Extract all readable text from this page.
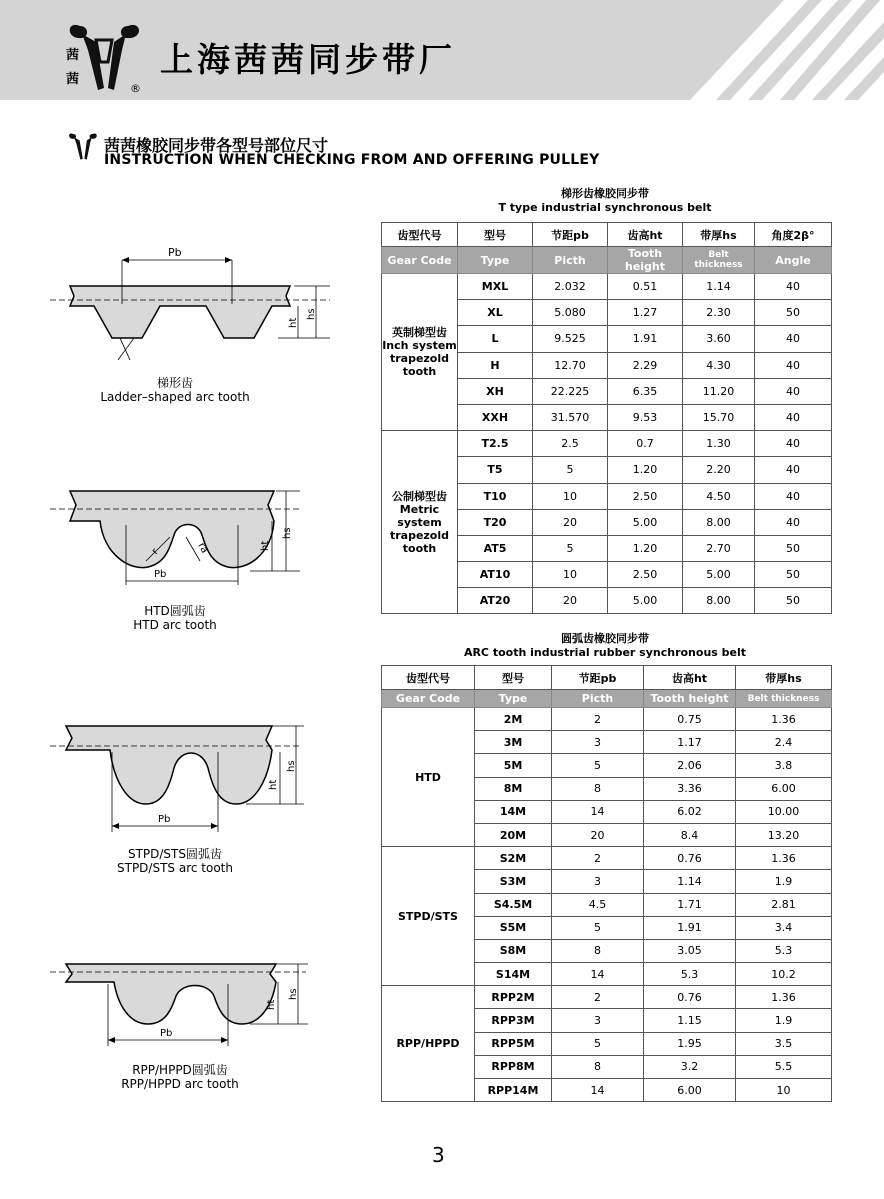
茜
茜
®
上海茜茜同步带厂
茜茜橡胶同步带各型号部位尺寸
INSTRUCTION WHEN CHECKING FROM AND OFFERING PULLEY
Pb
ht
hs
梯形齿
Ladder–shaped arc tooth
Pb
r	ra	ht
hs
HTD圆弧齿
HTD arc tooth
Pb
ht
hs
STPD/STS圆弧齿
STPD/STS arc tooth
Pb
ht
hs
RPP/HPPD圆弧齿
RPP/HPPD arc tooth
梯形齿橡胶同步带
T type industrial synchronous belt
齿型代号	型号	节距pb	齿高ht	带厚hs	角度2β°
Gear Code	Type	Picth	Tooth height	Belt thickness	Angle
英制梯型齿 Inch system trapezold tooth	MXL	2.032	0.51	1.14	40
	XL	5.080	1.27	2.30	50
	L	9.525	1.91	3.60	40
	H	12.70	2.29	4.30	40
	XH	22.225	6.35	11.20	40
	XXH	31.570	9.53	15.70	40
公制梯型齿 Metric system trapezold tooth	T2.5	2.5	0.7	1.30	40
	T5	5	1.20	2.20	40
	T10	10	2.50	4.50	40
	T20	20	5.00	8.00	40
	AT5	5	1.20	2.70	50
	AT10	10	2.50	5.00	50
	AT20	20	5.00	8.00	50
圆弧齿橡胶同步带
ARC tooth industrial rubber synchronous belt
齿型代号	型号	节距pb	齿高ht	带厚hs
Gear Code	Type	Picth	Tooth height	Belt thickness
HTD	2M	2	0.75	1.36
	3M	3	1.17	2.4
	5M	5	2.06	3.8
	8M	8	3.36	6.00
	14M	14	6.02	10.00
	20M	20	8.4	13.20
STPD/STS	S2M	2	0.76	1.36
	S3M	3	1.14	1.9
	S4.5M	4.5	1.71	2.81
	S5M	5	1.91	3.4
	S8M	8	3.05	5.3
	S14M	14	5.3	10.2
RPP/HPPD	RPP2M	2	0.76	1.36
	RPP3M	3	1.15	1.9
	RPP5M	5	1.95	3.5
	RPP8M	8	3.2	5.5
	RPP14M	14	6.00	10
3
